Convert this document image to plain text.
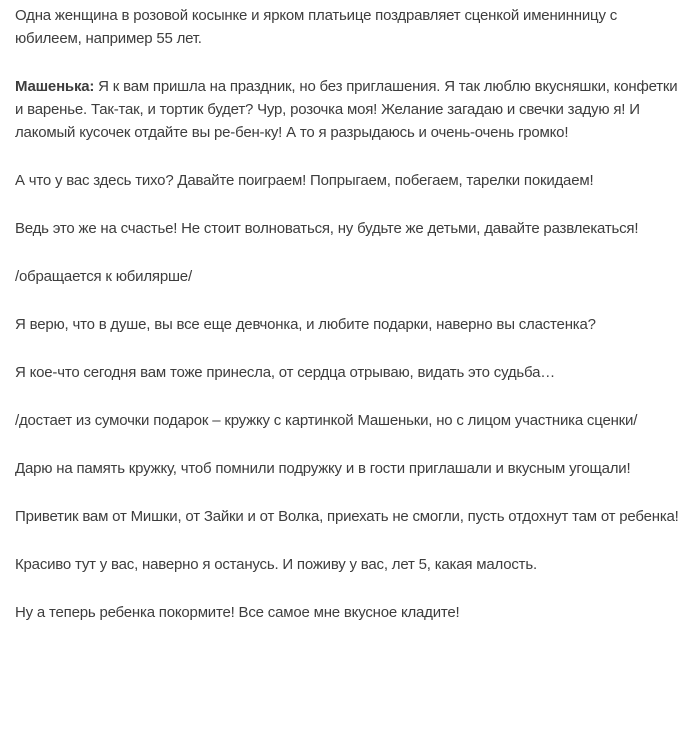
Одна женщина в розовой косынке и ярком платьице поздравляет сценкой именинницу с юбилеем, например 55 лет.

Машенька: Я к вам пришла на праздник, но без приглашения. Я так люблю вкусняшки, конфетки и варенье. Так-так, и тортик будет? Чур, розочка моя! Желание загадаю и свечки задую я! И лакомый кусочек отдайте вы ре-бен-ку! А то я разрыдаюсь и очень-очень громко!

А что у вас здесь тихо? Давайте поиграем! Попрыгаем, побегаем, тарелки покидаем!

Ведь это же на счастье! Не стоит волноваться, ну будьте же детьми, давайте развлекаться!

/обращается к юбилярше/

Я верю, что в душе, вы все еще девчонка, и любите подарки, наверно вы сластенка?

Я кое-что сегодня вам тоже принесла, от сердца отрываю, видать это судьба…

/достает из сумочки подарок – кружку с картинкой Машеньки, но с лицом участника сценки/

Дарю на память кружку, чтоб помнили подружку и в гости приглашали и вкусным угощали!

Приветик вам от Мишки, от Зайки и от Волка, приехать не смогли, пусть отдохнут там от ребенка!

Красиво тут у вас, наверно я останусь. И поживу у вас, лет 5, какая малость.

Ну а теперь ребенка покормите! Все самое мне вкусное кладите!
